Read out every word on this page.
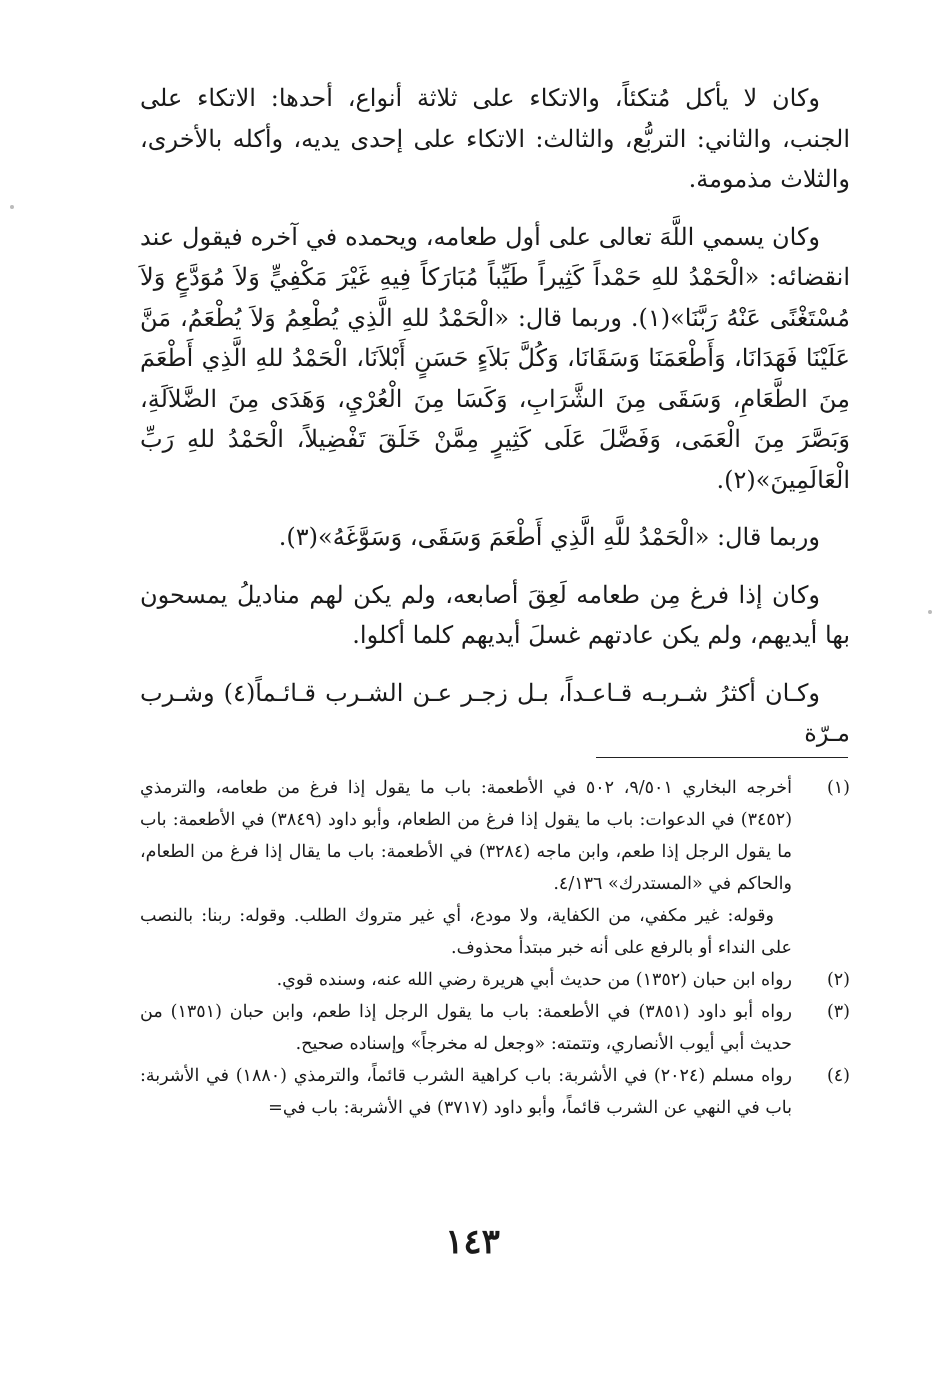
وكان لا يأكل مُتكئاً، والاتكاء على ثلاثة أنواع، أحدها: الاتكاء على الجنب، والثاني: التربُّع، والثالث: الاتكاء على إحدى يديه، وأكله بالأخرى، والثلاث مذمومة.

وكان يسمي اللَّهَ تعالى على أول طعامه، ويحمده في آخره فيقول عند انقضائه: «الْحَمْدُ للهِ حَمْداً كَثِيراً طَيِّباً مُبَارَكاً فِيهِ غَيْرَ مَكْفِيٍّ وَلاَ مُوَدَّعٍ وَلاَ مُسْتَغْنًى عَنْهُ رَبَّنَا»(١). وربما قال: «الْحَمْدُ للهِ الَّذِي يُطْعِمُ وَلاَ يُطْعَمُ، مَنَّ عَلَيْنَا فَهَدَانَا، وَأَطْعَمَنَا وَسَقَانَا، وَكُلَّ بَلاَءٍ حَسَنٍ أَبْلاَنَا، الْحَمْدُ للهِ الَّذِي أَطْعَمَ مِنَ الطَّعَامِ، وَسَقَى مِنَ الشَّرَابِ، وَكَسَا مِنَ الْعُرْيِ، وَهَدَى مِنَ الضَّلاَلَةِ، وَبَصَّرَ مِنَ الْعَمَى، وَفَضَّلَ عَلَى كَثِيرٍ مِمَّنْ خَلَقَ تَفْضِيلاً، الْحَمْدُ للهِ رَبِّ الْعَالَمِينَ»(٢).

وربما قال: «الْحَمْدُ للَّهِ الَّذِي أَطْعَمَ وَسَقَى، وَسَوَّغَهُ»(٣).

وكان إذا فرغ مِن طعامه لَعِقَ أصابعه، ولم يكن لهم مناديلُ يمسحون بها أيديهم، ولم يكن عادتهم غسلَ أيديهم كلما أكلوا.

وكـان أكثرُ شـربـه قـاعـداً، بـل زجـر عـن الشـرب قـائـماً(٤) وشـرب مـرّة

(١)
أخرجه البخاري ٩/٥٠١، ٥٠٢ في الأطعمة: باب ما يقول إذا فرغ من طعامه، والترمذي (٣٤٥٢) في الدعوات: باب ما يقول إذا فرغ من الطعام، وأبو داود (٣٨٤٩) في الأطعمة: باب ما يقول الرجل إذا طعم، وابن ماجه (٣٢٨٤) في الأطعمة: باب ما يقال إذا فرغ من الطعام، والحاكم في «المستدرك» ٤/١٣٦.
وقوله: غير مكفي، من الكفاية، ولا مودع، أي غير متروك الطلب. وقوله: ربنا: بالنصب على النداء أو بالرفع على أنه خبر مبتدأ محذوف.
(٢)
رواه ابن حبان (١٣٥٢) من حديث أبي هريرة رضي الله عنه، وسنده قوي.
(٣)
رواه أبو داود (٣٨٥١) في الأطعمة: باب ما يقول الرجل إذا طعم، وابن حبان (١٣٥١) من حديث أبي أيوب الأنصاري، وتتمته: «وجعل له مخرجاً» وإسناده صحيح.
(٤)
رواه مسلم (٢٠٢٤) في الأشربة: باب كراهية الشرب قائماً، والترمذي (١٨٨٠) في الأشربة: باب في النهي عن الشرب قائماً، وأبو داود (٣٧١٧) في الأشربة: باب في=
١٤٣
